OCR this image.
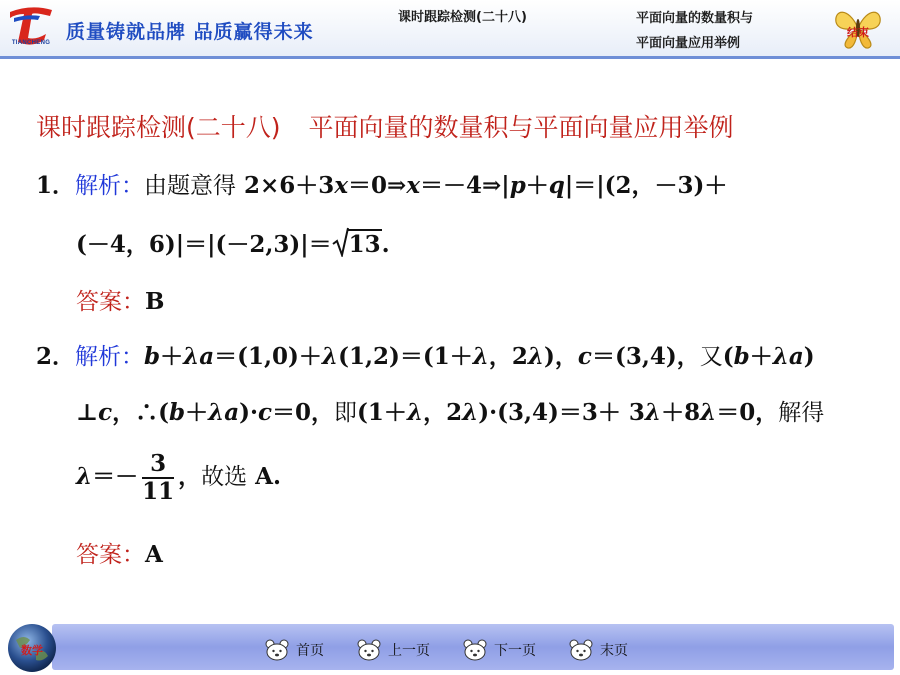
TIANCHENG 质量铸就品牌 品质赢得未来
课时跟踪检测(二十八)	平面向量的数量积与
平面向量应用举例
结束
课时跟踪检测(二十八) 平面向量的数量积与平面向量应用举例
1．解析：由题意得 2×6＋3x＝0⇒x＝－4⇒|p＋q|＝|(2，－3)＋
(－4，6)|＝|(－2,3)|＝ 13.
答案：B
2．解析：b＋λa＝(1,0)＋λ(1,2)＝(1＋λ，2λ)，c＝(3,4)，又(b＋λa)
⊥c，∴(b＋λa)·c＝0，即(1＋λ，2λ)·(3,4)＝3＋ 3λ＋8λ＝0，解得
$\lambda=- \frac{3}{11}$ ，故选 A.
答案：A
数学	首页	上一页	下一页	末页
